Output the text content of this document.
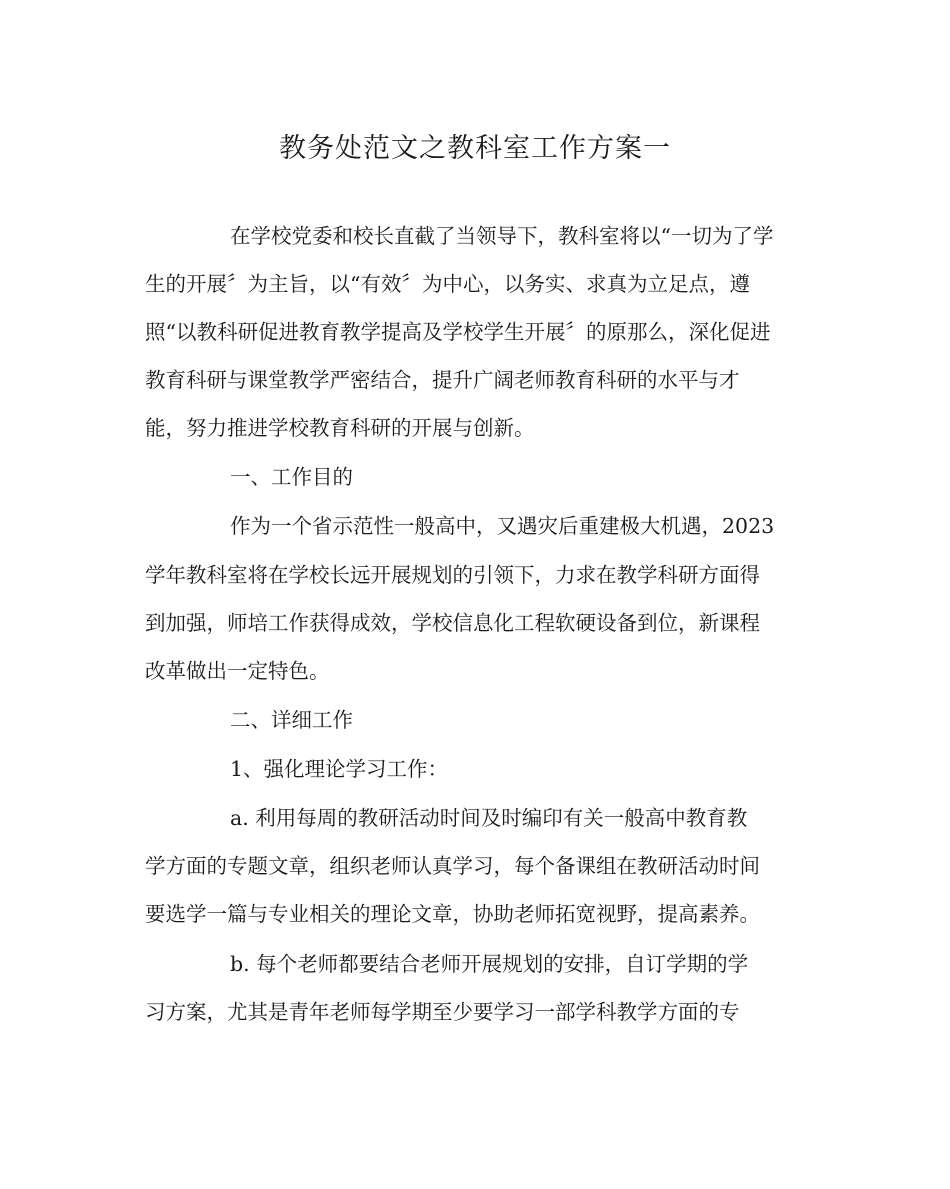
教务处范文之教科室工作方案一
在学校党委和校长直截了当领导下，教科室将以“一切为了学
生的开展〞为主旨，以“有效〞为中心，以务实、求真为立足点，遵
照“以教科研促进教育教学提高及学校学生开展〞的原那么，深化促进
教育科研与课堂教学严密结合，提升广阔老师教育科研的水平与才
能，努力推进学校教育科研的开展与创新。
一、工作目的
作为一个省示范性一般高中，又遇灾后重建极大机遇，2023
学年教科室将在学校长远开展规划的引领下，力求在教学科研方面得
到加强，师培工作获得成效，学校信息化工程软硬设备到位，新课程
改革做出一定特色。
二、详细工作
1、强化理论学习工作：
a. 利用每周的教研活动时间及时编印有关一般高中教育教
学方面的专题文章，组织老师认真学习，每个备课组在教研活动时间
要选学一篇与专业相关的理论文章，协助老师拓宽视野，提高素养。
b. 每个老师都要结合老师开展规划的安排，自订学期的学
习方案，尤其是青年老师每学期至少要学习一部学科教学方面的专
